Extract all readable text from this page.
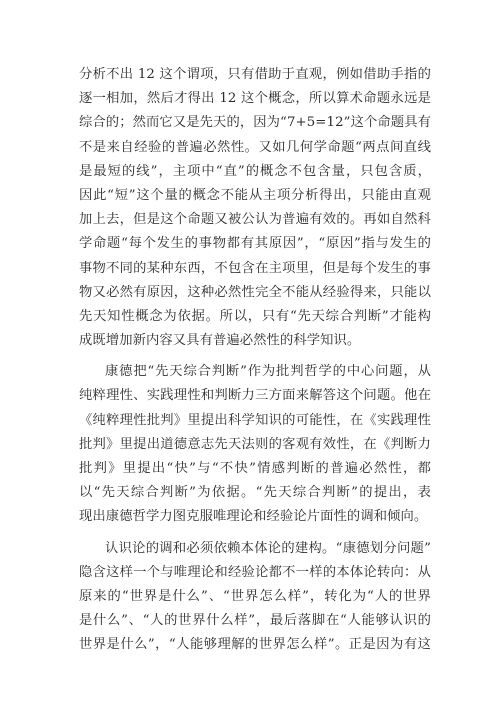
分析不出 12 这个谓项，只有借助于直观，例如借助手指的
逐一相加，然后才得出 12 这个概念，所以算术命题永远是
综合的；然而它又是先天的，因为“7+5=12”这个命题具有
不是来自经验的普遍必然性。又如几何学命题“两点间直线
是最短的线”，主项中“直”的概念不包含量，只包含质，
因此“短”这个量的概念不能从主项分析得出，只能由直观
加上去，但是这个命题又被公认为普遍有效的。再如自然科
学命题“每个发生的事物都有其原因”，“原因”指与发生的
事物不同的某种东西，不包含在主项里，但是每个发生的事
物又必然有原因，这种必然性完全不能从经验得来，只能以
先天知性概念为依据。所以，只有“先天综合判断”才能构
成既增加新内容又具有普遍必然性的科学知识。
康德把“先天综合判断”作为批判哲学的中心问题，从
纯粹理性、实践理性和判断力三方面来解答这个问题。他在
《纯粹理性批判》里提出科学知识的可能性，在《实践理性
批判》里提出道德意志先天法则的客观有效性，在《判断力
批判》里提出“快”与“不快”情感判断的普遍必然性，都
以“先天综合判断”为依据。“先天综合判断”的提出，表
现出康德哲学力图克服唯理论和经验论片面性的调和倾向。
认识论的调和必须依赖本体论的建构。“康德划分问题”
隐含这样一个与唯理论和经验论都不一样的本体论转向：从
原来的“世界是什么”、“世界怎么样”，转化为“人的世界
是什么”、“人的世界什么样”，最后落脚在“人能够认识的
世界是什么”，“人能够理解的世界怎么样”。正是因为有这
